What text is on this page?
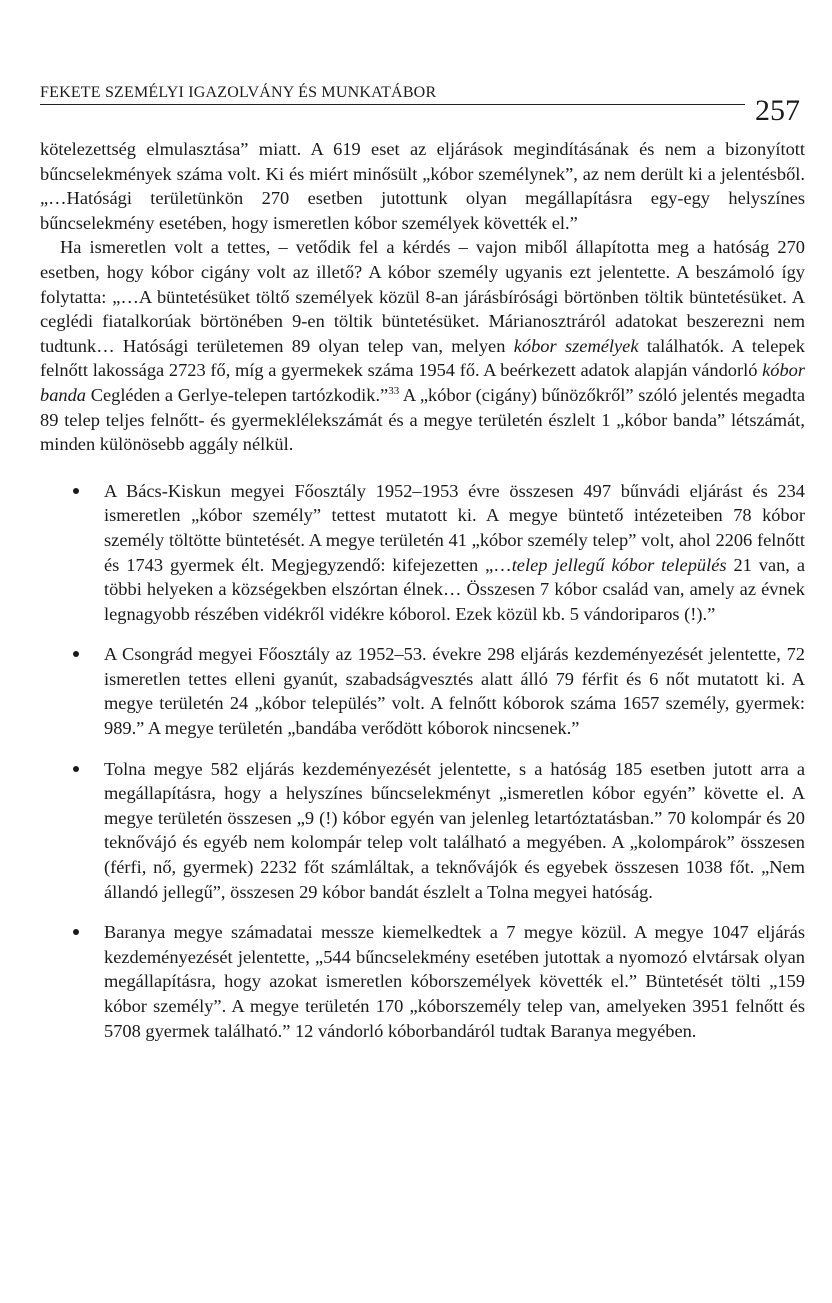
FEKETE SZEMÉLYI IGAZOLVÁNY ÉS MUNKATÁBOR
257

kötelezettség elmulasztása” miatt. A 619 eset az eljárások megindításának és nem a bizonyított bűncselekmények száma volt. Ki és miért minősült „kóbor személynek”, az nem derült ki a jelentésből. „…Hatósági területünkön 270 esetben jutottunk olyan megállapításra egy-egy helyszínes bűncselekmény esetében, hogy ismeretlen kóbor személyek követték el.”

Ha ismeretlen volt a tettes, – vetődik fel a kérdés – vajon miből állapította meg a hatóság 270 esetben, hogy kóbor cigány volt az illető? A kóbor személy ugyanis ezt jelentette. A beszámoló így folytatta: „…A büntetésüket töltő személyek közül 8-an járásbírósági börtönben töltik büntetésüket. A ceglédi fiatalkorúak börtönében 9-en töltik büntetésüket. Márianosztráról adatokat beszerezni nem tudtunk… Hatósági területemen 89 olyan telep van, melyen kóbor személyek találhatók. A telepek felnőtt lakossága 2723 fő, míg a gyermekek száma 1954 fő. A beérkezett adatok alapján vándorló kóbor banda Cegléden a Gerlye-telepen tartózkodik.”$^{33}$ A „kóbor (cigány) bűnözőkről” szóló jelentés megadta 89 telep teljes felnőtt- és gyermeklélekszámát és a megye területén észlelt 1 „kóbor banda” létszámát, minden különösebb aggály nélkül.

A Bács-Kiskun megyei Főosztály 1952–1953 évre összesen 497 bűnvádi eljárást és 234 ismeretlen „kóbor személy” tettest mutatott ki. A megye büntető intézeteiben 78 kóbor személy töltötte büntetését. A megye területén 41 „kóbor személy telep” volt, ahol 2206 felnőtt és 1743 gyermek élt. Megjegyzendő: kifejezetten „…telep jellegű kóbor település 21 van, a többi helyeken a községekben elszórtan élnek… Összesen 7 kóbor család van, amely az évnek legnagyobb részében vidékről vidékre kóborol. Ezek közül kb. 5 vándoriparos (!).”
A Csongrád megyei Főosztály az 1952–53. évekre 298 eljárás kezdeményezését jelentette, 72 ismeretlen tettes elleni gyanút, szabadságvesztés alatt álló 79 férfit és 6 nőt mutatott ki. A megye területén 24 „kóbor település” volt. A felnőtt kóborok száma 1657 személy, gyermek: 989.” A megye területén „bandába verődött kóborok nincsenek.”
Tolna megye 582 eljárás kezdeményezését jelentette, s a hatóság 185 esetben jutott arra a megállapításra, hogy a helyszínes bűncselekményt „ismeretlen kóbor egyén” követte el. A megye területén összesen „9 (!) kóbor egyén van jelenleg letartóztatásban.” 70 kolompár és 20 teknővájó és egyéb nem kolompár telep volt található a megyében. A „kolompárok” összesen (férfi, nő, gyermek) 2232 főt számláltak, a teknővájók és egyebek összesen 1038 főt. „Nem állandó jellegű”, összesen 29 kóbor bandát észlelt a Tolna megyei hatóság.
Baranya megye számadatai messze kiemelkedtek a 7 megye közül. A megye 1047 eljárás kezdeményezését jelentette, „544 bűncselekmény esetében jutottak a nyomozó elvtársak olyan megállapításra, hogy azokat ismeretlen kóborszemélyek követték el.” Büntetését tölti „159 kóbor személy”. A megye területén 170 „kóborszemély telep van, amelyeken 3951 felnőtt és 5708 gyermek található.” 12 vándorló kóborbandáról tudtak Baranya megyében.
